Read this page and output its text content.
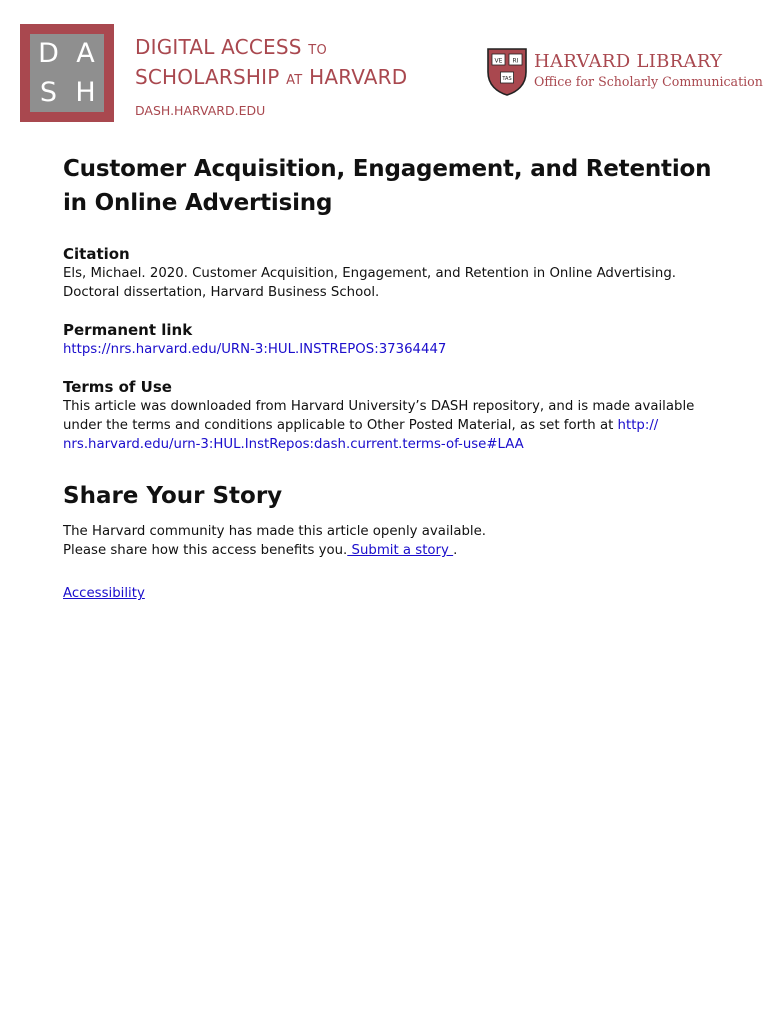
D A
S H
DIGITAL ACCESS TO
SCHOLARSHIP AT HARVARD
DASH.HARVARD.EDU
VE RI
TAS
HARVARD LIBRARY
Office for Scholarly Communication
Customer Acquisition, Engagement, and Retention in Online Advertising
Citation

Els, Michael. 2020. Customer Acquisition, Engagement, and Retention in Online Advertising. Doctoral dissertation, Harvard Business School.

Permanent link

https://nrs.harvard.edu/URN-3:HUL.INSTREPOS:37364447

Terms of Use

This article was downloaded from Harvard University’s DASH repository, and is made available under the terms and conditions applicable to Other Posted Material, as set forth at http:// nrs.harvard.edu/urn-3:HUL.InstRepos:dash.current.terms-of-use#LAA

Share Your Story
The Harvard community has made this article openly available.
Please share how this access benefits you. Submit a story .
Accessibility
